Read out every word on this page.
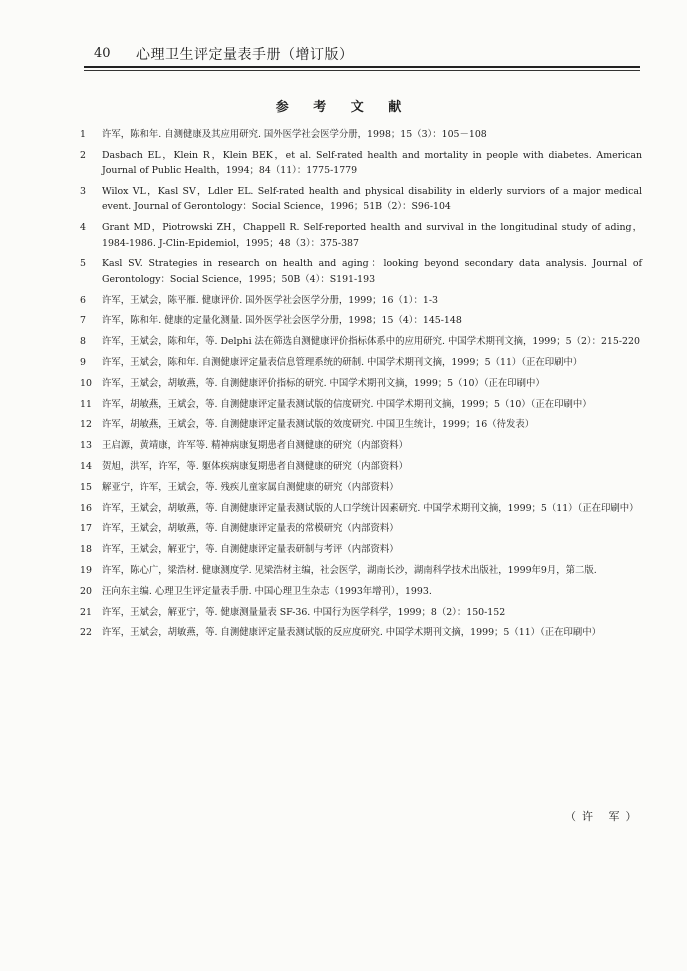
40 心理卫生评定量表手册（增订版）
参 考 文 献
1	许军，陈和年. 自测健康及其应用研究. 国外医学社会医学分册，1998；15（3）：105－108
2	Dasbach EL，Klein R，Klein BEK，et al. Self-rated health and mortality in people with diabetes. American Journal of Public Health，1994；84（11）：1775-1779
3	Wilox VL，Kasl SV，Ldler EL. Self-rated health and physical disability in elderly surviors of a major medical event. Journal of Gerontology：Social Science，1996；51B（2）：S96-104
4	Grant MD，Piotrowski ZH，Chappell R. Self-reported health and survival in the longitudinal study of ading，1984-1986. J-Clin-Epidemiol，1995；48（3）：375-387
5	Kasl SV. Strategies in research on health and aging：looking beyond secondary data analysis. Journal of Gerontology：Social Science，1995；50B（4）：S191-193
6	许军，王斌会，陈平雁. 健康评价. 国外医学社会医学分册，1999；16（1）：1-3
7	许军，陈和年. 健康的定量化测量. 国外医学社会医学分册，1998；15（4）：145-148
8	许军，王斌会，陈和年，等. Delphi 法在筛选自测健康评价指标体系中的应用研究. 中国学术期刊文摘，1999；5（2）：215-220
9	许军，王斌会，陈和年. 自测健康评定量表信息管理系统的研制. 中国学术期刊文摘，1999；5（11）（正在印刷中）
10	许军，王斌会，胡敏燕，等. 自测健康评价指标的研究. 中国学术期刊文摘，1999；5（10）（正在印刷中）
11	许军，胡敏燕，王斌会，等. 自测健康评定量表测试版的信度研究. 中国学术期刊文摘，1999；5（10）（正在印刷中）
12	许军，胡敏燕，王斌会，等. 自测健康评定量表测试版的效度研究. 中国卫生统计，1999；16（待发表）
13	王启源，黄靖康，许军等. 精神病康复期患者自测健康的研究（内部资料）
14	贺旭，洪军，许军，等. 躯体疾病康复期患者自测健康的研究（内部资料）
15	解亚宁，许军，王斌会，等. 残疾儿童家属自测健康的研究（内部资料）
16	许军，王斌会，胡敏燕，等. 自测健康评定量表测试版的人口学统计因素研究. 中国学术期刊文摘，1999；5（11）（正在印刷中）
17	许军，王斌会，胡敏燕，等. 自测健康评定量表的常模研究（内部资料）
18	许军，王斌会，解亚宁，等. 自测健康评定量表研制与考评（内部资料）
19	许军，陈心广，梁浩材. 健康测度学. 见梁浩材主编，社会医学，湖南长沙，湖南科学技术出版社，1999年9月，第二版.
20	汪向东主编. 心理卫生评定量表手册. 中国心理卫生杂志（1993年增刊），1993.
21	许军，王斌会，解亚宁，等. 健康测量量表 SF-36. 中国行为医学科学，1999；8（2）：150-152
22	许军，王斌会，胡敏燕，等. 自测健康评定量表测试版的反应度研究. 中国学术期刊文摘，1999；5（11）（正在印刷中）
（许 军）
